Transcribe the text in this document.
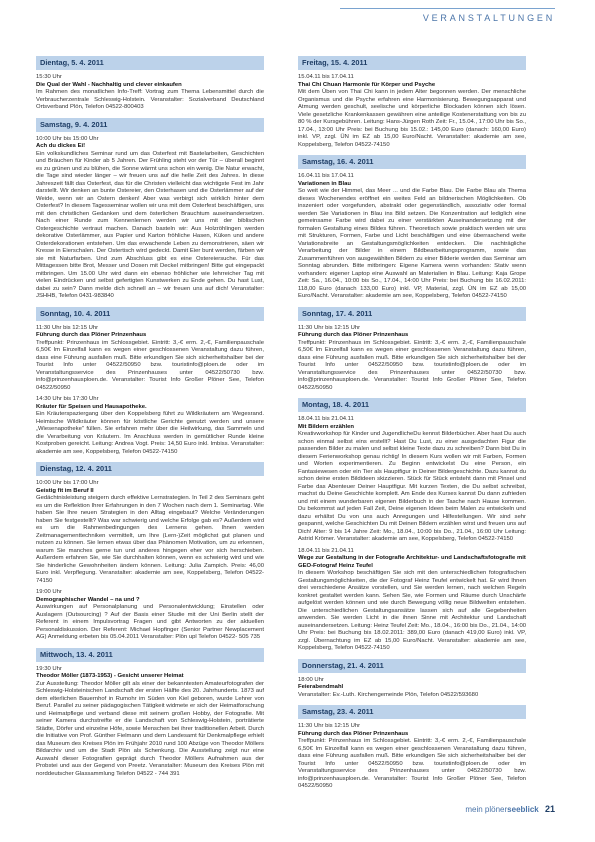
VERANSTALTUNGEN
Dientag, 5. 4. 2011
15:30 Uhr
Die Qual der Wahl - Nachhaltig und clever einkaufen
Im Rahmen des monatlichen Info-Treff: Vortrag zum Thema Lebensmittel durch die Verbraucherzentrale Schleswig-Holstein. Veranstalter: Sozialverband Deutschland Ortsverband Plön, Telefon 04522-800403
Samstag, 9. 4. 2011
10:00 Uhr bis 15:00 Uhr
Ach du dickes Ei!
Ein volkskundliches Seminar rund um das Osterfest mit Bastelarbeiten, Geschichten und Bräuchen für Kinder ab 5 Jahren. Der Frühling steht vor der Tür – überall beginnt es zu grünen und zu blühen, die Sonne wärmt uns schon ein wenig. Die Natur erwacht, die Tage sind wieder länger – wir freuen uns auf die helle Zeit des Jahres. In diese Jahreszeit fällt das Osterfest, das für die Christen vielleicht das wichtigste Fest im Jahr darstellt. Wir denken an bunte Ostereier, den Osterhasen und die Osterlämmer auf der Weide, wenn wir an Ostern denken! Aber was verbirgt sich wirklich hinter dem Osterfest? In diesem Tagesseminar wollen wir uns mit dem Osterfest beschäftigen, uns mit den christlichen Gedanken und dem österlichen Brauchtum auseinandersetzen. Nach einer Runde zum Kennenlernen werden wir uns mit der biblischen Ostergeschichte vertraut machen. Danach basteln wir: Aus Holzröhlingen werden dekorative Osterlämmer, aus Papier und Karton fröhliche Hasen, Küken und andere Osterdekorationen entstehen. Um das erwachende Leben zu demonstrieren, säen wir Kresse in Eierschalen. Der Ostertisch wird gedeckt. Damit Eier bunt werden, färben wir sie mit Naturfarben. Und zum Abschluss gibt es eine Ostereiersuche. Für das Mittagessen bitte Brot, Messer und Dosen mit Deckel mitbringen! Bitte gut eingepackt mitbringen. Um 15.00 Uhr wird dann ein ebenso fröhlicher wie lehrreicher Tag mit vielen Eindrücken und selbst gefertigten Kunstwerken zu Ende gehen. Du hast Lust, dabei zu sein? Dann melde dich schnell an – wir freuen uns auf dich! Veranstalter: JSHHB, Telefon 0431-983840
Sonntag, 10. 4. 2011
11:30 Uhr bis 12:15 Uhr
Führung durch das Plöner Prinzenhaus
Treffpunkt: Prinzenhaus im Schlossgebiet. Eintritt: 3,-€ erm. 2,-€, Familienpauschale 6,50€ Im Einzelfall kann es wegen einer geschlossenen Veranstaltung dazu führen, dass eine Führung ausfallen muß. Bitte erkundigen Sie sich sicherheitshalber bei der Tourist Info unter 04522/50950 bzw. touristinfo@ploen.de oder im Veranstaltungsservice des Prinzenhauses unter 04522/50730 bzw. info@prinzenhausploen.de. Veranstalter: Tourist Info Großer Plöner See, Telefon 04522/50950
14:30 Uhr bis 17:30 Uhr
Kräuter für Speisen und Hausapotheke.
Ein Kräuterspaziergang über den Koppelsberg führt zu Wildkräutern am Wegesrand. Heimische Wildkräuter können für köstliche Gerichte genutzt werden und unsere „Wiesenapotheke" füllen. Sie erfahren mehr über die Heilwirkung, das Sammeln und die Verarbeitung von Kräutern. Im Anschluss werden in gemütlicher Runde kleine Kostproben gereicht. Leitung: Andrea Vogt. Preis: 14,50 Euro inkl. Imbiss. Veranstalter: akademie am see, Koppelsberg, Telefon 04522-74150
Dienstag, 12. 4. 2011
10:00 Uhr bis 17:00 Uhr
Geistig fit im Beruf II
Gedächtnisleistung steigern durch effektive Lernstrategien. In Teil 2 des Seminars geht es um die Reflektion Ihrer Erfahrungen in den 7 Wochen nach dem 1. Seminartag. Wie haben Sie Ihre neuen Strategien in den Alltag eingebaut? Welche Veränderungen haben Sie festgestellt? Was war schwierig und welche Erfolge gab es? Außerdem wird es um die Rahmenbedingungen des Lernens gehen. Ihnen werden Zeitmanagementtechniken vermittelt, um Ihre (Lern-)Zeit möglichst gut planen und nutzen zu können. Sie lernen etwas über das Phänomen Motivation, um zu erkennen, warum Sie manches gerne tun und anderes hingegen eher vor sich herschieben. Außerdem erfahren Sie, wie Sie durchhalten können, wenn es schwierig wird und wie Sie hinderliche Gewohnheiten ändern können. Leitung: Julia Zampich. Preis: 46,00 Euro inkl. Verpflegung. Veranstalter: akademie am see, Koppelsberg, Telefon 04522-74150
19:00 Uhr
Demographischer Wandel – na und ?
Auswirkungen auf Personalplanung und Personalentwicklung; Einstellen oder Auslagern (Outsourcing) ? Auf der Basis einer Studie mit der Uni Berlin stellt der Referent in einem Impulsvortrag Fragen und gibt Antworten zu der aktuellen Personaldiskussion. Der Referent: Michael Hopfinger (Senior Partner Newplacement AG) Anmeldung erbeten bis 05.04.2011 Veranstalter: Plön upl Telefon 04522- 505 735
Mittwoch, 13. 4. 2011
19:30 Uhr
Theodor Möller (1873-1953) - Gesicht unserer Heimat
Zur Ausstellung: Theodor Möller gilt als einer der bekanntesten Amateurfotografen der Schleswig-Holsteinischen Landschaft der ersten Hälfte des 20. Jahrhunderts. 1873 auf dem elterlichen Bauernhof in Rumohr im Süden von Kiel geboren, wurde Lehrer von Beruf. Parallel zu seiner pädagogischen Tätigkeit widmete er sich der Heimatforschung und Heimatpflege und verband diese mit seinem großen Hobby, der Fotografie. Mit seiner Kamera durchstreifte er die Landschaft von Schleswig-Holstein, porträtierte Städte, Dörfer und einzelne Höfe, sowie Menschen bei ihrer traditionellen Arbeit. Durch die Initiative von Prof. Günther Fielmann und dem Landesamt für Denkmalpflege erhielt das Museum des Kreises Plön im Frühjahr 2010 rund 100 Abzüge von Theodor Möllers Bildarchiv und um die Stadt Plön als Schenkung. Die Ausstellung zeigt nur eine Auswahl dieser Fotografien geprägt durch Theodor Möllers Aufnahmen aus der Probstei und aus der Gegend von Preetz. Veranstalter: Museum des Kreises Plön mit norddeutscher Glassammlung Telefon 04522 - 744 391
Freitag, 15. 4. 2011
15.04.11 bis 17.04.11
Thai Chi Chuan Harmonie für Körper und Psyche
Mit dem Üben von Thai Chi kann in jedem Alter begonnen werden. Der menschliche Organismus und die Psyche erfahren eine Harmonisierung. Bewegungsapparat und Atmung werden geschult, seelische und körperliche Blockaden können sich lösen. Viele gesetzliche Krankenkassen gewähren eine anteilige Kostenerstattung von bis zu 80 % der Kursgebühren. Leitung: Hans-Jürgen Roth Zeit: Fr., 15.04., 17:00 Uhr bis So., 17.04., 13:00 Uhr Preis: bei Buchung bis 15.02.: 145,00 Euro (danach: 160,00 Euro) inkl. VP, zzgl. ÜN im EZ ab 15,00 Euro/Nacht. Veranstalter: akademie am see, Koppelsberg, Telefon 04522-74150
Samstag, 16. 4. 2011
16.04.11 bis 17.04.11
Variationen in Blau
So weit wie der Himmel, das Meer ... und die Farbe Blau. Die Farbe Blau als Thema dieses Wochenendes eröffnet ein weites Feld an bildnerischen Möglichkeiten. Ob inszeniert oder vorgefunden, abstrakt oder gegenständlich, assoziativ oder formal werden Sie Variationen in Blau ins Bild setzen. Die Konzentration auf lediglich eine gemeinsame Farbe wird dabei zu einer verstärkten Auseinandersetzung mit der formalen Gestaltung eines Bildes führen. Theoretisch sowie praktisch werden wir uns mit Strukturen, Formen, Farbe und Licht beschäftigen und eine überraschend weite Variationsbreite an Gestaltungsmöglichkeiten entdecken. Die nachträgliche Verarbeitung der Bilder in einem Bildbearbeitungsprogramm, sowie das Zusammenführen von ausgewählten Bildern zu einer Bilderie werden das Seminar am Sonntag abrunden. Bitte mitbringen: Eigene Kamera wenn vorhanden: Stativ wenn vorhanden: eigener Laptop eine Auswahl an Materialien in Blau. Leitung: Kaja Grope Zeit: Sa., 16.04., 10:00 bis So., 17.04., 14:00 Uhr Preis: bei Buchung bis 16.02.2011: 118,00 Euro (danach 133,00 Euro) inkl. VP, Material, zzgl. ÜN im EZ ab 15,00 Euro/Nacht. Veranstalter: akademie am see, Koppelsberg, Telefon 04522-74150
Sonntag, 17. 4. 2011
11:30 Uhr bis 12:15 Uhr
Führung durch das Plöner Prinzenhaus
Treffpunkt: Prinzenhaus im Schlossgebiet. Eintritt: 3,-€ erm. 2,-€, Familienpauschale 6,50€ Im Einzelfall kann es wegen einer geschlossenen Veranstaltung dazu führen, dass eine Führung ausfallen muß. Bitte erkundigen Sie sich sicherheitshalber bei der Tourist Info unter 04522/50950 bzw. touristinfo@ploen.de oder im Veranstaltungsservice des Prinzenhauses unter 04522/50730 bzw. info@prinzenhausploen.de. Veranstalter: Tourist Info Großer Plöner See, Telefon 04522/50950
Montag, 18. 4. 2011
18.04.11 bis 21.04.11
Mit Bildern erzählen
Kreativworkshop für Kinder und JugendlicheDu kennst Bilderbücher. Aber hast Du auch schon einmal selbst eins erstellt? Hast Du Lust, zu einer ausgedachten Figur die passenden Bilder zu malen und selbst kleine Texte dazu zu schreiben? Dann bist Du in diesem Ferienworkshop genau richtig! In diesem Kurs wollen wir mit Farben, Formen und Worten experimentieren. Zu Beginn entwickelst Du eine Person, ein Fantasiewesen oder ein Tier als Hauptfigur in Deiner Bildergeschichte. Dazu kannst du schon deine ersten Bildideen skizzieren. Stück für Stück entsteht dann mit Pinsel und Farbe das Abenteuer Deiner Hauptfigur. Mit kurzen Texten, die Du selbst schreibst, machst du Deine Geschichte komplett. Am Ende des Kurses kannst Du dann zufrieden und mit einem wunderbaren eigenen Bilderbuch in der Tasche nach Hause kommen. Du bekommst auf jeden Fall Zeit, Deine eigenen Ideen beim Malen zu entwickeln und dazu erhältst Du von uns auch Anregungen und Hilfestellungen. Wir sind sehr gespannt, welche Geschichten Du mit Deinen Bildern erzählen wirst und freuen uns auf Dich! Alter: 9 bis 14 Jahre Zeit: Mo., 18.04., 10:00 bis Do., 21.04., 16:00 Uhr Leitung: Astrid Krömer. Veranstalter: akademie am see, Koppelsberg, Telefon 04522-74150
18.04.11 bis 21.04.11
Wege zur Gestaltung in der Fotografie Architektur- und Landschaftsfotografie mit GEO-Fotograf Heinz Teufel
In diesem Workshop beschäftigen Sie sich mit den unterschiedlichen fotografischen Gestaltungsmöglichkeiten, die der Fotograf Heinz Teufel entwickelt hat. Er wird Ihnen drei verschiedene Ansätze vorstellen, und Sie werden lernen, nach welchen Regeln konkret gestaltet werden kann. Sehen Sie, wie Formen und Räume durch Unschärfe aufgelöst werden können und wie durch Bewegung völlig neue Bildwelten entstehen. Die unterschiedlichen Gestaltungsansätze lassen sich auf alle Gegebenheiten anwenden. Sie werden Licht in die ihnen Sinne mit Architektur und Landschaft auseinandersetzen. Leitung: Heinz Teufel Zeit: Mo., 18.04., 16:00 bis Do., 21.04., 14:00 Uhr Preis: bei Buchung bis 18.02.2011: 389,00 Euro (danach 419,00 Euro) inkl. VP, zzgl. Übernachtung im EZ ab 15,00 Euro/Nacht. Veranstalter: akademie am see, Koppelsberg, Telefon 04522-74150
Donnerstag, 21. 4. 2011
18:00 Uhr
Feierabendmahl
Veranstalter: Ev.-Luth. Kirchengemeinde Plön, Telefon 04522/593680
Samstag, 23. 4. 2011
11:30 Uhr bis 12:15 Uhr
Führung durch das Plöner Prinzenhaus
Treffpunkt: Prinzenhaus im Schlossgebiet. Eintritt: 3,-€ erm. 2,-€, Familienpauschale 6,50€ Im Einzelfall kann es wegen einer geschlossenen Veranstaltung dazu führen, dass eine Führung ausfallen muß. Bitte erkundigen Sie sich sicherheitshalber bei der Tourist Info unter 04522/50950 bzw. touristinfo@ploen.de oder im Veranstaltungsservice des Prinzenhauses unter 04522/50730 bzw. info@prinzenhausploen.de. Veranstalter: Tourist Info Großer Plöner See, Telefon 04522/50950
mein plönerseeblick 21
